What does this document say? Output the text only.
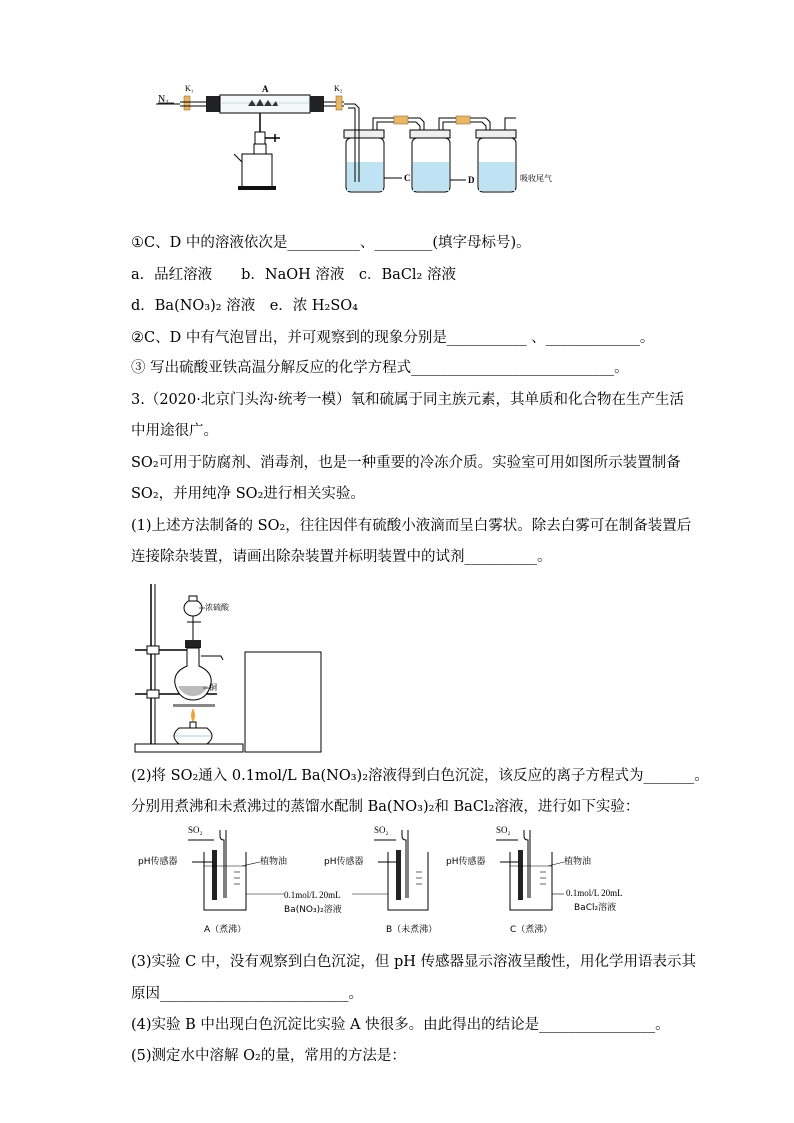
N₂
K₁	A	K₂
C	D	吸收尾气
①C、D 中的溶液依次是__________、________(填字母标号)。
a．品红溶液　　b．NaOH 溶液　c．BaCl₂ 溶液
d．Ba(NO₃)₂ 溶液　e．浓 H₂SO₄
②C、D 中有气泡冒出，并可观察到的现象分别是___________ 、_____________。
③ 写出硫酸亚铁高温分解反应的化学方程式____________________________。
3.（2020·北京门头沟·统考一模）氧和硫属于同主族元素，其单质和化合物在生产生活
中用途很广。
SO₂可用于防腐剂、消毒剂，也是一种重要的冷冻介质。实验室可用如图所示装置制备
SO₂，并用纯净 SO₂进行相关实验。
(1)上述方法制备的 SO₂，往往因伴有硫酸小液滴而呈白雾状。除去白雾可在制备装置后
连接除杂装置，请画出除杂装置并标明装置中的试剂__________。
浓硫酸
铜
(2)将 SO₂通入 0.1mol/L Ba(NO₃)₂溶液得到白色沉淀，该反应的离子方程式为_______。
分别用煮沸和未煮沸过的蒸馏水配制 Ba(NO₃)₂和 BaCl₂溶液，进行如下实验：
SO₂
pH传感器	植物油
A（煮沸）
0.1mol/L 20mL
Ba(NO₃)₂溶液
SO₂
pH传感器
B（未煮沸）
SO₂
pH传感器	植物油
0.1mol/L 20mL
BaCl₂溶液
C（煮沸）
(3)实验 C 中，没有观察到白色沉淀，但 pH 传感器显示溶液呈酸性，用化学用语表示其
原因__________________________。
(4)实验 B 中出现白色沉淀比实验 A 快很多。由此得出的结论是________________。
(5)测定水中溶解 O₂的量，常用的方法是：
